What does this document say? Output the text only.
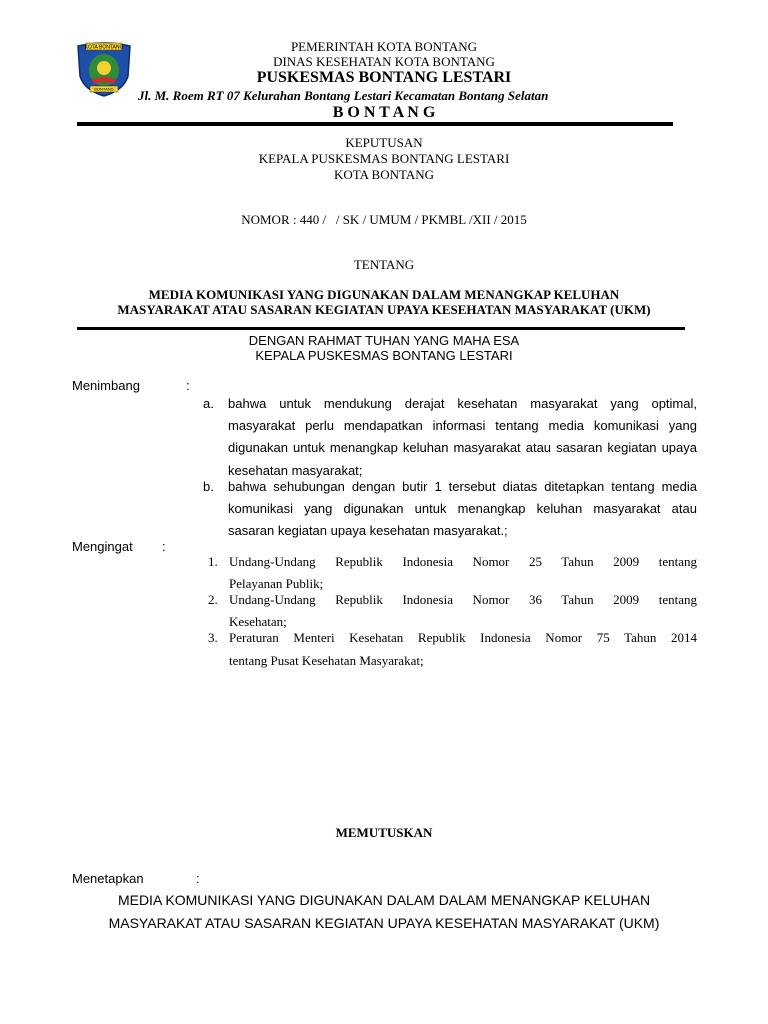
KOTA BONTANG
BONTANG
PEMERINTAH KOTA BONTANG
DINAS KESEHATAN KOTA BONTANG
PUSKESMAS BONTANG LESTARI
Jl. M. Roem RT 07 Kelurahan Bontang Lestari Kecamatan Bontang Selatan
B O N T A N G
KEPUTUSAN
KEPALA PUSKESMAS BONTANG LESTARI
KOTA BONTANG
NOMOR : 440 /   / SK / UMUM / PKMBL /XII / 2015
TENTANG
MEDIA KOMUNIKASI YANG DIGUNAKAN DALAM MENANGKAP KELUHAN
MASYARAKAT ATAU SASARAN KEGIATAN UPAYA KESEHATAN MASYARAKAT (UKM)
DENGAN RAHMAT TUHAN YANG MAHA ESA
KEPALA PUSKESMAS BONTANG LESTARI
Menimbang	:
a. bahwa untuk mendukung derajat kesehatan masyarakat yang optimal,
masyarakat perlu mendapatkan informasi tentang media komunikasi yang
digunakan untuk menangkap keluhan masyarakat atau sasaran kegiatan upaya
kesehatan masyarakat;
b. bahwa sehubungan dengan butir 1 tersebut diatas ditetapkan tentang media
komunikasi yang digunakan untuk menangkap keluhan masyarakat atau
sasaran kegiatan upaya kesehatan masyarakat.;
Mengingat :
1. Undang-Undang Republik Indonesia Nomor 25 Tahun 2009 tentang
Pelayanan Publik;
2. Undang-Undang Republik Indonesia Nomor 36 Tahun 2009 tentang
Kesehatan;
3. Peraturan Menteri Kesehatan Republik Indonesia Nomor 75 Tahun 2014
tentang Pusat Kesehatan Masyarakat;
MEMUTUSKAN
Menetapkan	:
MEDIA KOMUNIKASI YANG DIGUNAKAN DALAM DALAM MENANGKAP KELUHAN
MASYARAKAT ATAU SASARAN KEGIATAN UPAYA KESEHATAN MASYARAKAT (UKM)
